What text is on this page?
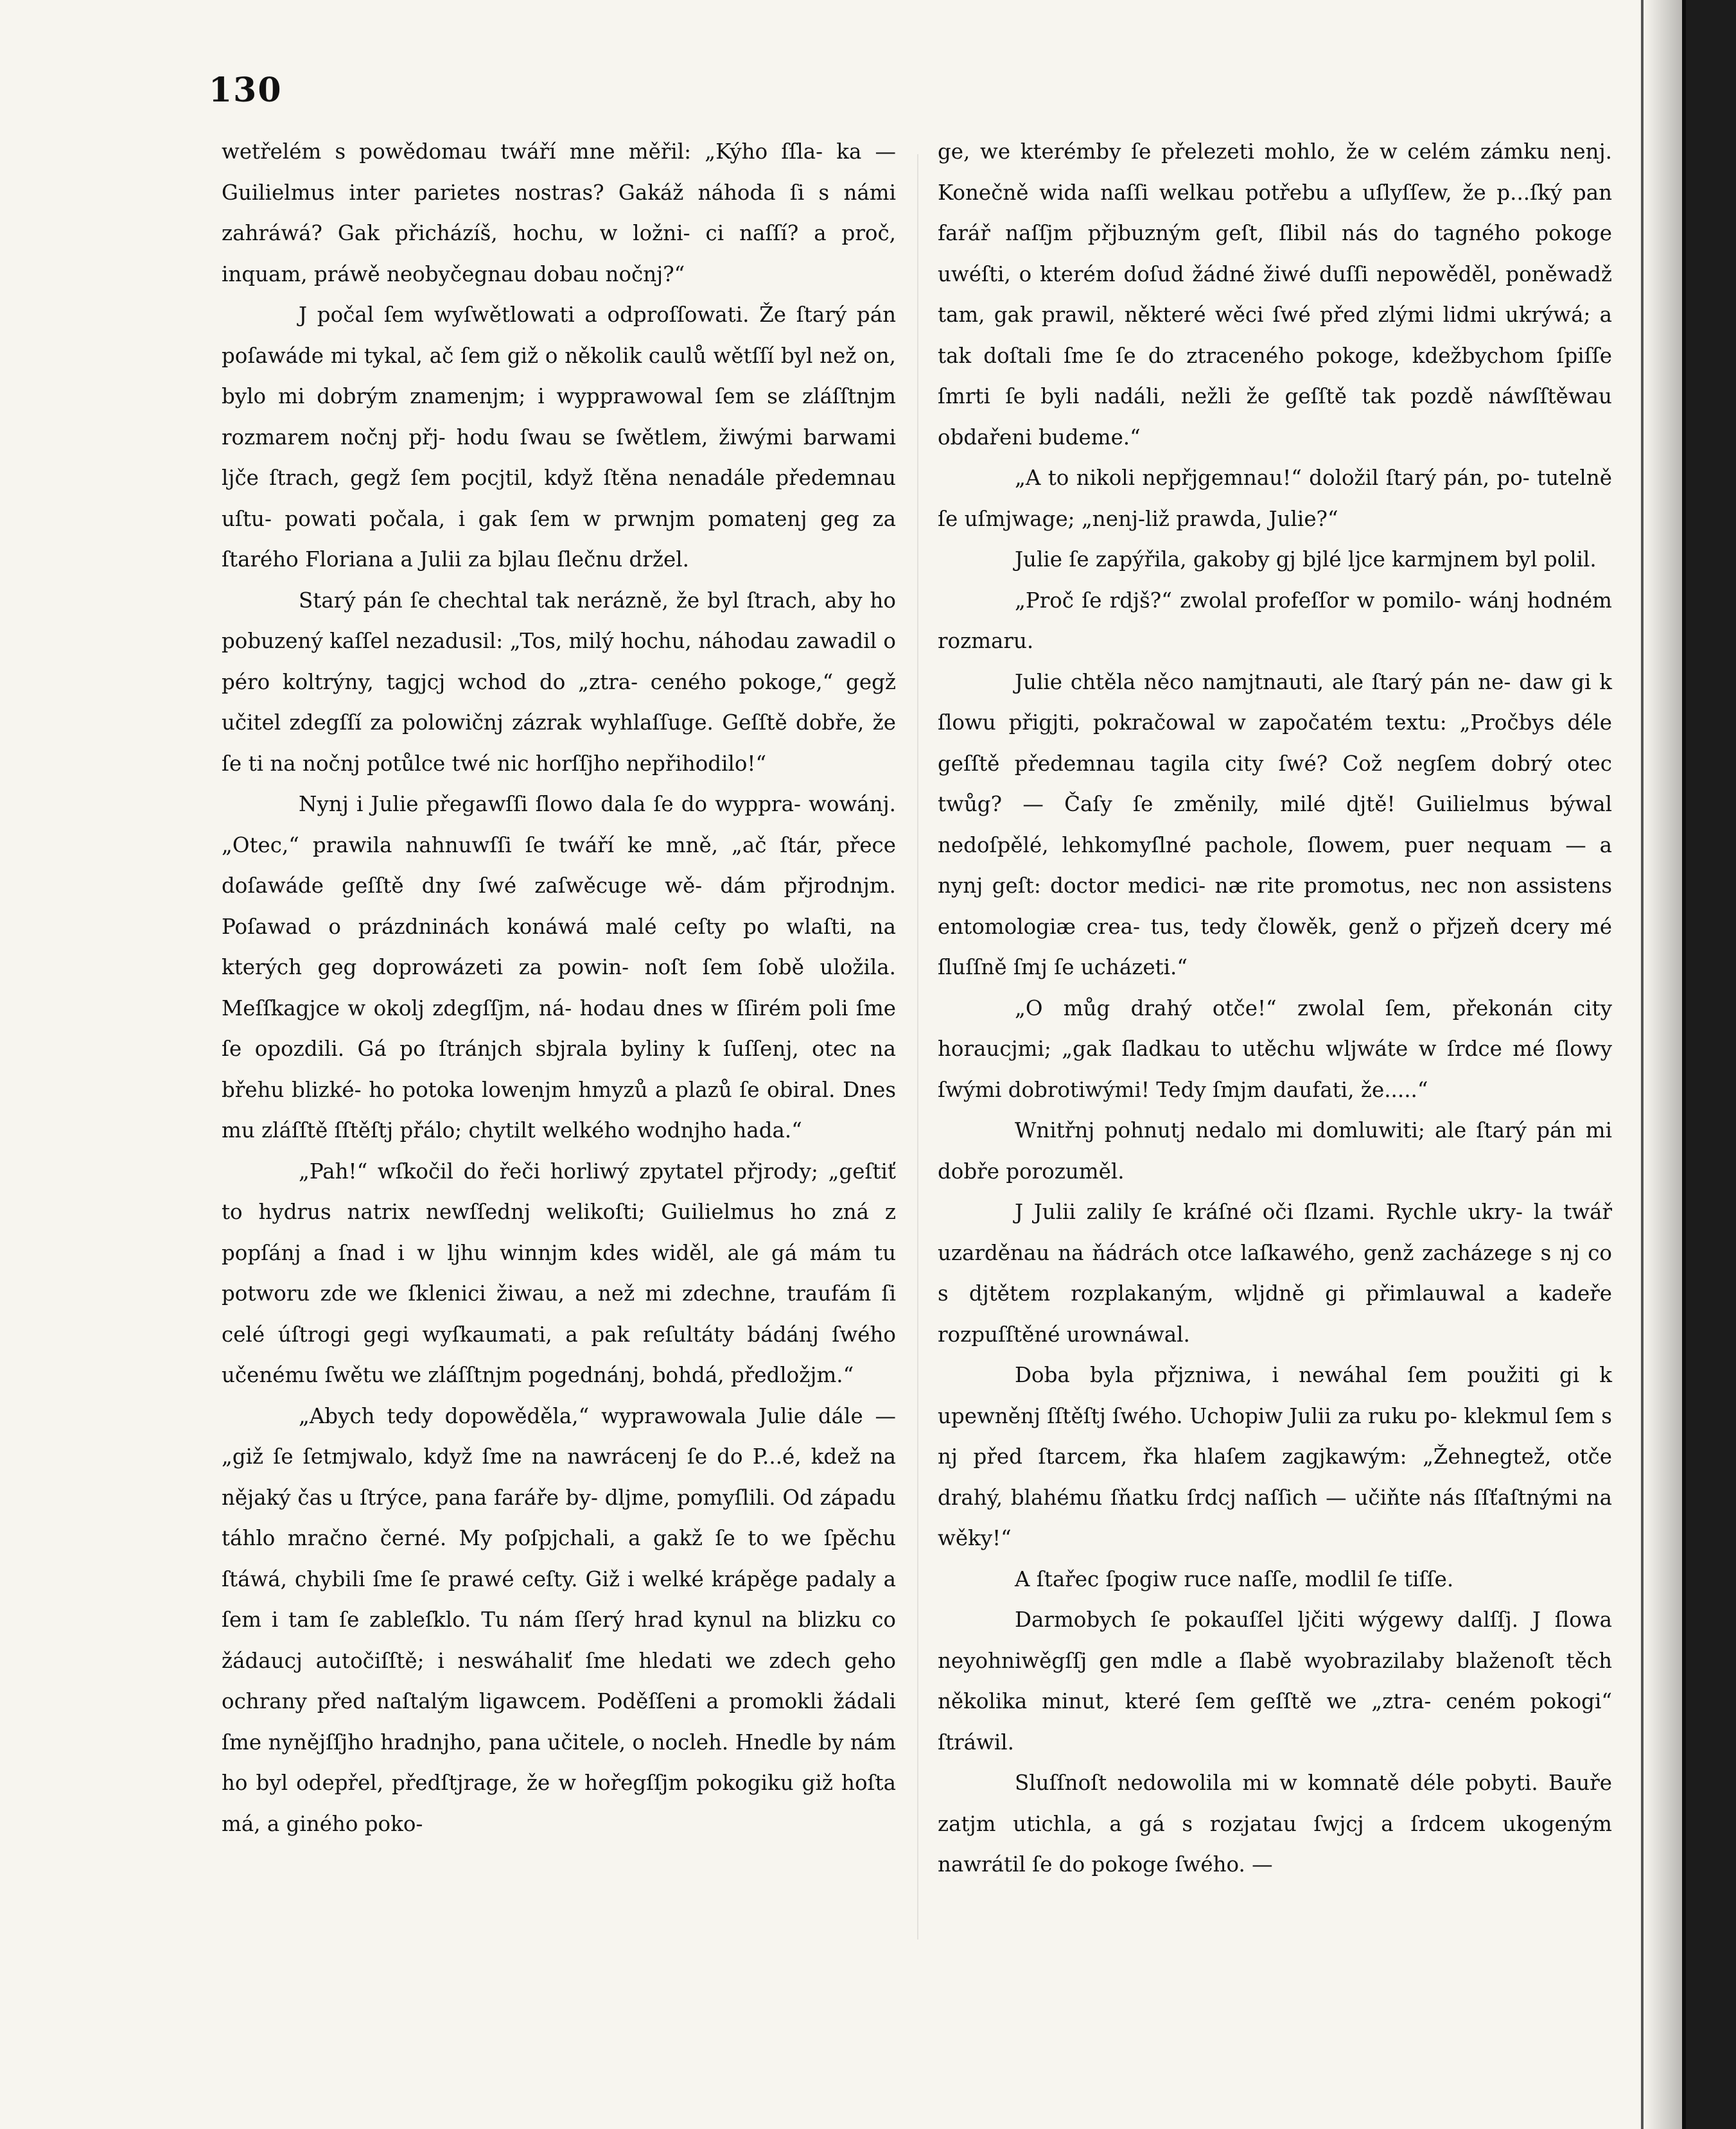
130

wetřelém s powědomau twáří mne měřil: „Kýho ſſla- ka — Guilielmus inter parietes nostras? Gakáž náhoda ſi s námi zahráwá? Gak přicházíš, hochu, w ložni- ci naſſí? a proč, inquam, práwě neobyčegnau dobau nočnj?“

J počal ſem wyſwětlowati a odproſſowati. Že ſtarý pán poſawáde mi tykal, ač ſem giž o několik caulů wětſſí byl než on, bylo mi dobrým znamenjm; i wypprawowal ſem se zláſſtnjm rozmarem nočnj přj- hodu ſwau se ſwětlem, žiwými barwami ljče ſtrach, gegž ſem pocjtil, když ſtěna nenadále předemnau uſtu- powati počala, i gak ſem w prwnjm pomatenj geg za ſtarého Floriana a Julii za bjlau ſlečnu držel.

Starý pán ſe chechtal tak nerázně, že byl ſtrach, aby ho pobuzený kaſſel nezadusil: „Tos, milý hochu, náhodau zawadil o péro koltrýny, tagjcj wchod do „ztra- ceného pokoge,“ gegž učitel zdegſſí za polowičnj zázrak wyhlaſſuge. Geſſtě dobře, že ſe ti na nočnj potůlce twé nic horſſjho nepřihodilo!“

Nynj i Julie přegawſſi ſlowo dala ſe do wyppra- wowánj. „Otec,“ prawila nahnuwſſi ſe twáří ke mně, „ač ſtár, přece doſawáde geſſtě dny ſwé zaſwěcuge wě- dám přjrodnjm. Poſawad o prázdninách konáwá malé ceſty po wlaſti, na kterých geg doprowázeti za powin- noſt ſem ſobě uložila. Meſſkagjce w okolj zdegſſjm, ná- hodau dnes w ſſirém poli ſme ſe opozdili. Gá po ſtránjch sbjrala byliny k ſuſſenj, otec na břehu blizké- ho potoka lowenjm hmyzů a plazů ſe obiral. Dnes mu zláſſtě ſſtěſtj přálo; chytilt welkého wodnjho hada.“

„Pah!“ wſkočil do řeči horliwý zpytatel přjrody; „geſtiť to hydrus natrix newſſednj welikoſti; Guilielmus ho zná z popſánj a ſnad i w ljhu winnjm kdes widěl, ale gá mám tu potworu zde we ſklenici žiwau, a než mi zdechne, traufám ſi celé úſtrogi gegi wyſkaumati, a pak reſultáty bádánj ſwého učenému ſwětu we zláſſtnjm pogednánj, bohdá, předložjm.“

„Abych tedy dopowěděla,“ wyprawowala Julie dále — „giž ſe ſetmjwalo, když ſme na nawrácenj ſe do P...é, kdež na nějaký čas u ſtrýce, pana faráře by- dljme, pomyſlili. Od západu táhlo mračno černé. My poſpjchali, a gakž ſe to we ſpěchu ſtáwá, chybili ſme ſe prawé ceſty. Giž i welké krápěge padaly a ſem i tam ſe zableſklo. Tu nám ſſerý hrad kynul na blizku co žádaucj autočiſſtě; i neswáhaliť ſme hledati we zdech geho ochrany před naſtalým ligawcem. Poděſſeni a promokli žádali ſme nynějſſjho hradnjho, pana učitele, o nocleh. Hnedle by nám ho byl odepřel, předſtjrage, že w hořegſſjm pokogiku giž hoſta má, a giného poko-

ge, we kterémby ſe přelezeti mohlo, že w celém zámku nenj. Konečně wida naſſi welkau potřebu a uſlyſſew, že p...ſký pan farář naſſjm přjbuzným geſt, ſlibil nás do tagného pokoge uwéſti, o kterém doſud žádné žiwé duſſi nepowěděl, poněwadž tam, gak prawil, některé wěci ſwé před zlými lidmi ukrýwá; a tak doſtali ſme ſe do ztraceného pokoge, kdežbychom ſpiſſe ſmrti ſe byli nadáli, nežli že geſſtě tak pozdě náwſſtěwau obdařeni budeme.“

„A to nikoli nepřjgemnau!“ doložil ſtarý pán, po- tutelně ſe uſmjwage; „nenj-liž prawda, Julie?“

Julie ſe zapýřila, gakoby gj bjlé ljce karmjnem byl polil.

„Proč ſe rdjš?“ zwolal profeſſor w pomilo- wánj hodném rozmaru.

Julie chtěla něco namjtnauti, ale ſtarý pán ne- daw gi k ſlowu přigjti, pokračowal w započatém textu: „Pročbys déle geſſtě předemnau tagila city ſwé? Což negſem dobrý otec twůg? — Čaſy ſe změnily, milé djtě! Guilielmus býwal nedoſpělé, lehkomyſlné pachole, ſlowem, puer nequam — a nynj geſt: doctor medici- næ rite promotus, nec non assistens entomologiæ crea- tus, tedy člowěk, genž o přjzeň dcery mé ſluſſně ſmj ſe ucházeti.“

„O můg drahý otče!“ zwolal ſem, překonán city horaucjmi; „gak ſladkau to utěchu wljwáte w ſrdce mé ſlowy ſwými dobrotiwými! Tedy ſmjm daufati, že.....“

Wnitřnj pohnutj nedalo mi domluwiti; ale ſtarý pán mi dobře porozuměl.

J Julii zalily ſe kráſné oči ſlzami. Rychle ukry- la twář uzarděnau na ňádrách otce laſkawého, genž zacházege s nj co s djtětem rozplakaným, wljdně gi přimlauwal a kadeře rozpuſſtěné urownáwal.

Doba byla přjzniwa, i newáhal ſem použiti gi k upewněnj ſſtěſtj ſwého. Uchopiw Julii za ruku po- klekmul ſem s nj před ſtarcem, řka hlaſem zagjkawým: „Žehnegtež, otče drahý, blahému ſňatku ſrdcj naſſich — učiňte nás ſſťaſtnými na wěky!“

A ſtařec ſpogiw ruce naſſe, modlil ſe tiſſe.

Darmobych ſe pokauſſel ljčiti wýgewy dalſſj. J ſlowa neyohniwěgſſj gen mdle a ſlabě wyobrazilaby blaženoſt těch několika minut, které ſem geſſtě we „ztra- ceném pokogi“ ſtráwil.

Sluſſnoſt nedowolila mi w komnatě déle pobyti. Bauře zatjm utichla, a gá s rozjatau ſwjcj a ſrdcem ukogeným nawrátil ſe do pokoge ſwého. —
